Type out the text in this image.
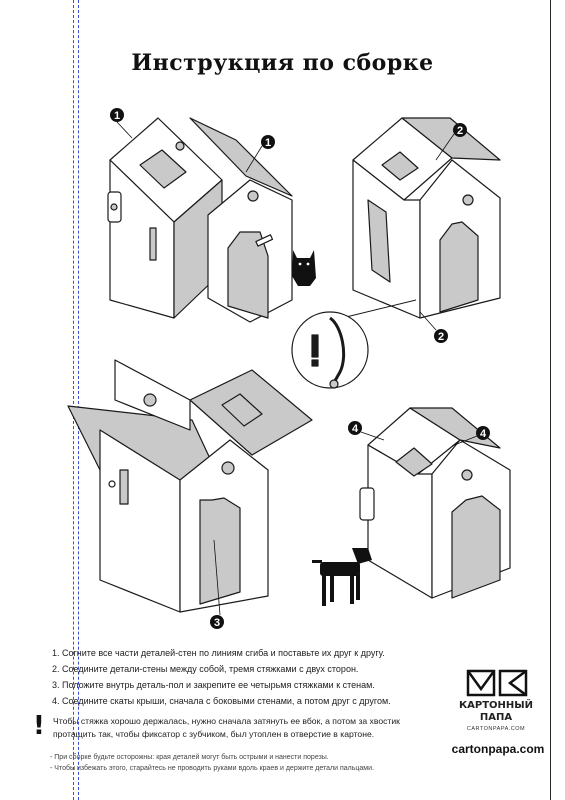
Инструкция по сборке
1
1
2
2
3
4	4
1. Согните все части деталей-стен по линиям сгиба и поставьте их друг к другу.
2. Соедините детали-стены между собой, тремя стяжками с двух сторон.
3. Положите внутрь деталь-пол и закрепите ее четырьмя стяжками к стенам.
4. Соедините скаты крыши, сначала с боковыми стенами, а потом друг с другом.
! Чтобы стяжка хорошо держалась, нужно сначала затянуть ее вбок, а потом за хвостик протащить так, чтобы фиксатор с зубчиком, был утоплен в отверстие в картоне.
- При сборке будьте осторожны: края деталей могут быть острыми и нанести порезы.
- Чтобы избежать этого, старайтесь не проводить руками вдоль краев и держите детали пальцами.
КАРТОННЫЙ
ПАПА
CARTONPAPA.COM
cartonpapa.com
